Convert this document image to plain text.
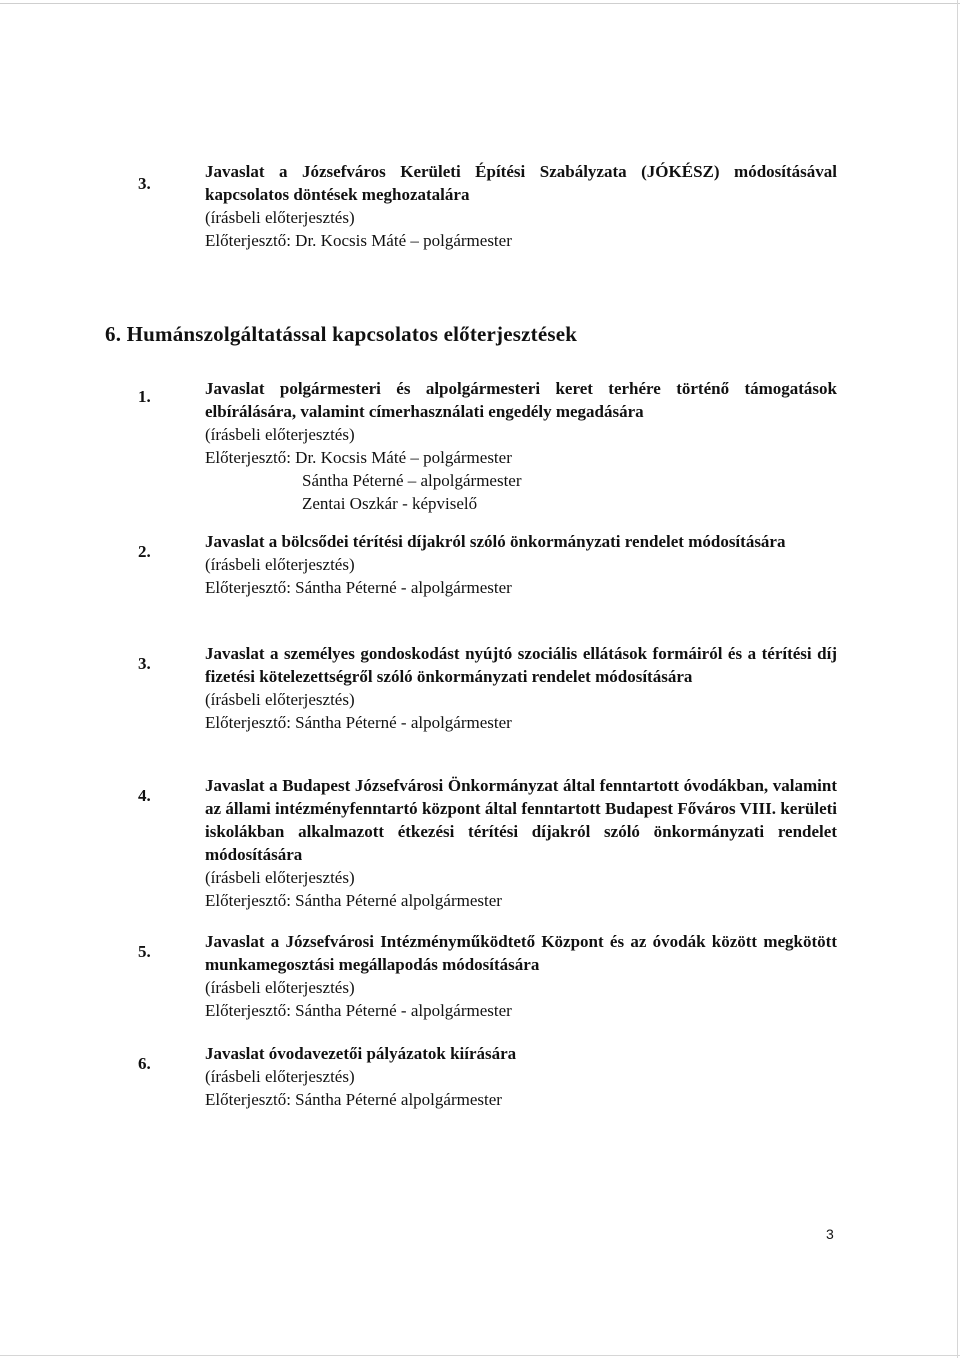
3.
Javaslat a Józsefváros Kerületi Építési Szabályzata (JÓKÉSZ) módosításával kapcsolatos döntések meghozatalára
(írásbeli előterjesztés)
Előterjesztő: Dr. Kocsis Máté – polgármester
6. Humánszolgáltatással kapcsolatos előterjesztések
1.	Javaslat polgármesteri és alpolgármesteri keret terhére történő támogatások elbírálására, valamint címerhasználati engedély megadására
(írásbeli előterjesztés)
Előterjesztő: Dr. Kocsis Máté – polgármester
Sántha Péterné – alpolgármester
Zentai Oszkár - képviselő
2.
Javaslat a bölcsődei térítési díjakról szóló önkormányzati rendelet módosítására
(írásbeli előterjesztés)
Előterjesztő: Sántha Péterné - alpolgármester
3.
Javaslat a személyes gondoskodást nyújtó szociális ellátások formáiról és a térítési díj fizetési kötelezettségről szóló önkormányzati rendelet módosítására
(írásbeli előterjesztés)
Előterjesztő: Sántha Péterné - alpolgármester
4.
Javaslat a Budapest Józsefvárosi Önkormányzat által fenntartott óvodákban, valamint az állami intézményfenntartó központ által fenntartott Budapest Főváros VIII. kerületi iskolákban alkalmazott étkezési térítési díjakról szóló önkormányzati rendelet módosítására
(írásbeli előterjesztés)
Előterjesztő: Sántha Péterné alpolgármester
5.
Javaslat a Józsefvárosi Intézményműködtető Központ és az óvodák között megkötött munkamegosztási megállapodás módosítására
(írásbeli előterjesztés)
Előterjesztő: Sántha Péterné - alpolgármester
6.
Javaslat óvodavezetői pályázatok kiírására
(írásbeli előterjesztés)
Előterjesztő: Sántha Péterné alpolgármester
3
